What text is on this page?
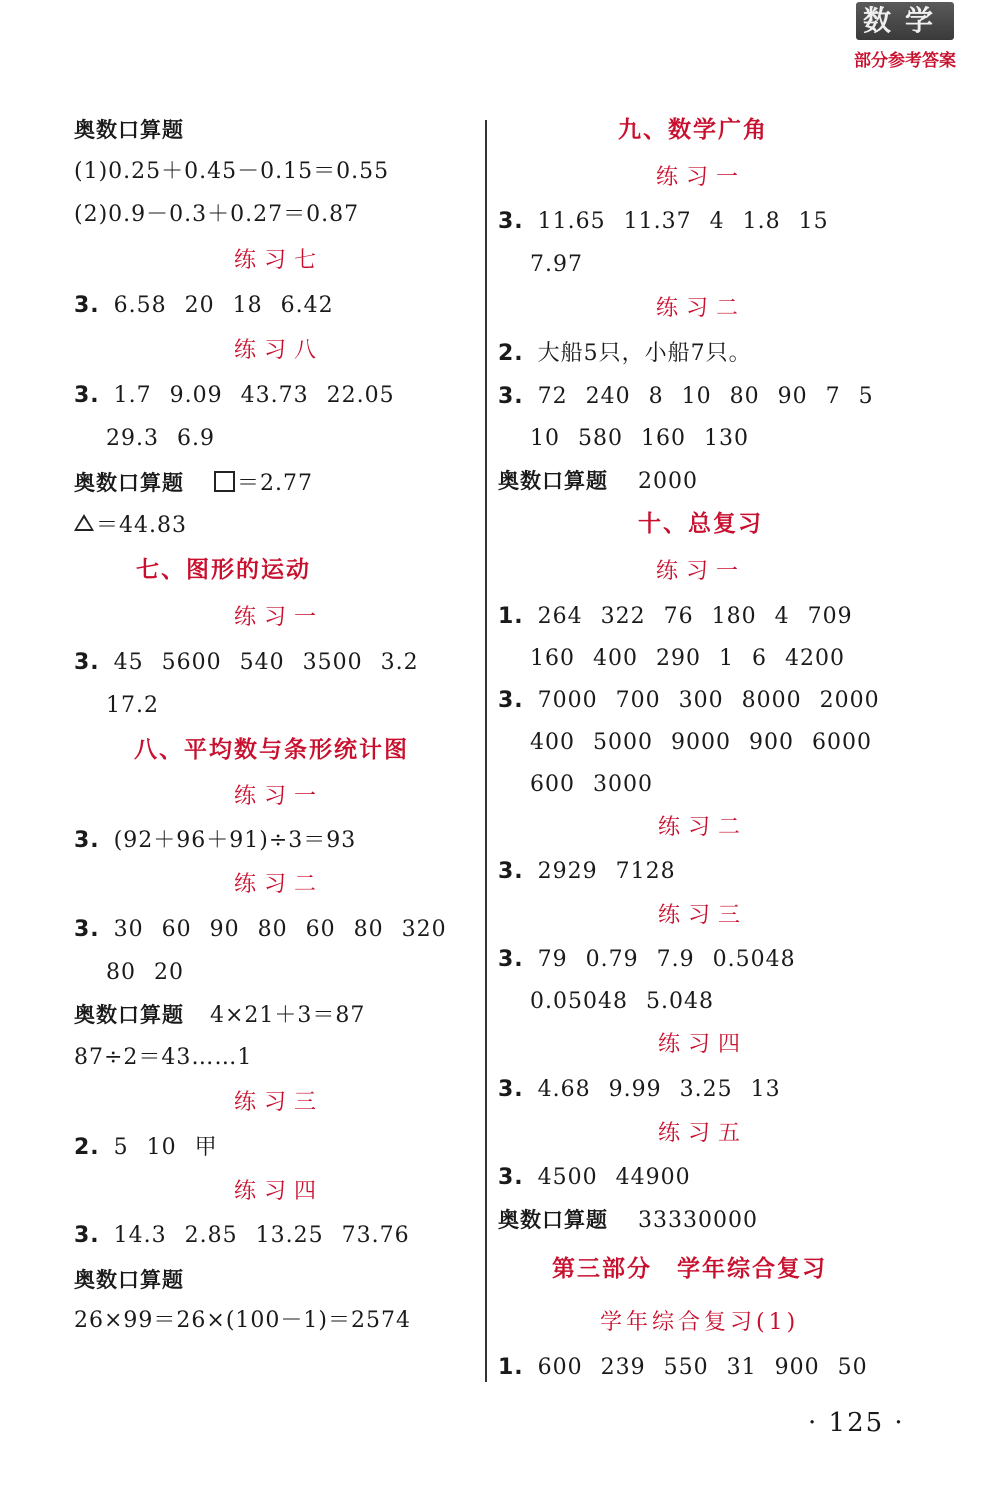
数学
部分参考答案
奥数口算题
(1)0.25＋0.45－0.15＝0.55
(2)0.9－0.3＋0.27＝0.87
练习七
3. 6.58 20 18 6.42
练习八
3. 1.7 9.09 43.73 22.05
29.3 6.9
奥数口算题 ＝2.77
＝44.83
七、图形的运动
练习一
3. 45 5600 540 3500 3.2
17.2
八、平均数与条形统计图
练习一
3. (92＋96＋91)÷3＝93
练习二
3. 30 60 90 80 60 80 320
80 20
奥数口算题 4×21＋3＝87
87÷2＝43……1
练习三
2. 5 10 甲
练习四
3. 14.3 2.85 13.25 73.76
奥数口算题
26×99＝26×(100－1)＝2574
九、数学广角
练习一
3. 11.65 11.37 4 1.8 15
7.97
练习二
2. 大船5只，小船7只。
3. 72 240 8 10 80 90 7 5
10 580 160 130
奥数口算题 2000
十、总复习
练习一
1. 264 322 76 180 4 709
160 400 290 1 6 4200
3. 7000 700 300 8000 2000
400 5000 9000 900 6000
600 3000
练习二
3. 2929 7128
练习三
3. 79 0.79 7.9 0.5048
0.05048 5.048
练习四
3. 4.68 9.99 3.25 13
练习五
3. 4500 44900
奥数口算题 33330000
第三部分　学年综合复习
学年综合复习(1)
1. 600 239 550 31 900 50
· 125 ·
